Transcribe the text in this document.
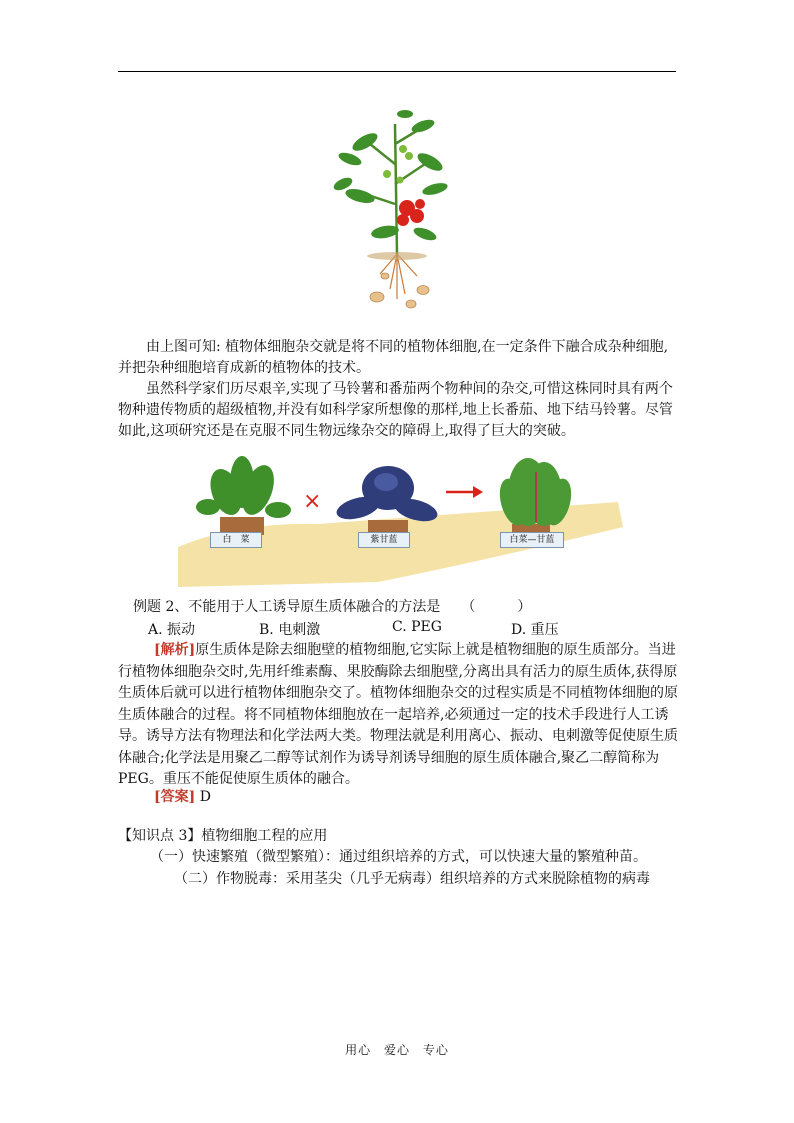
由上图可知: 植物体细胞杂交就是将不同的植物体细胞,在一定条件下融合成杂种细胞,并把杂种细胞培育成新的植物体的技术。

虽然科学家们历尽艰辛,实现了马铃薯和番茄两个物种间的杂交,可惜这株同时具有两个物种遗传物质的超级植物,并没有如科学家所想像的那样,地上长番茄、地下结马铃薯。尽管如此,这项研究还是在克服不同生物远缘杂交的障碍上,取得了巨大的突破。

×
白　菜	紫甘蓝	白菜—甘蓝

例题 2、不能用于人工诱导原生质体融合的方法是　　（　　　）

A. 振动	B. 电刺激	C. PEG	D. 重压

[解析]原生质体是除去细胞壁的植物细胞,它实际上就是植物细胞的原生质部分。当进行植物体细胞杂交时,先用纤维素酶、果胶酶除去细胞壁,分离出具有活力的原生质体,获得原生质体后就可以进行植物体细胞杂交了。植物体细胞杂交的过程实质是不同植物体细胞的原生质体融合的过程。将不同植物体细胞放在一起培养,必须通过一定的技术手段进行人工诱导。诱导方法有物理法和化学法两大类。物理法就是利用离心、振动、电刺激等促使原生质体融合;化学法是用聚乙二醇等试剂作为诱导剂诱导细胞的原生质体融合,聚乙二醇简称为 PEG。重压不能促使原生质体的融合。

[答案] D

【知识点 3】植物细胞工程的应用

（一）快速繁殖（微型繁殖）：通过组织培养的方式，可以快速大量的繁殖种苗。

（二）作物脱毒：采用茎尖（几乎无病毒）组织培养的方式来脱除植物的病毒

用心 爱心 专心
